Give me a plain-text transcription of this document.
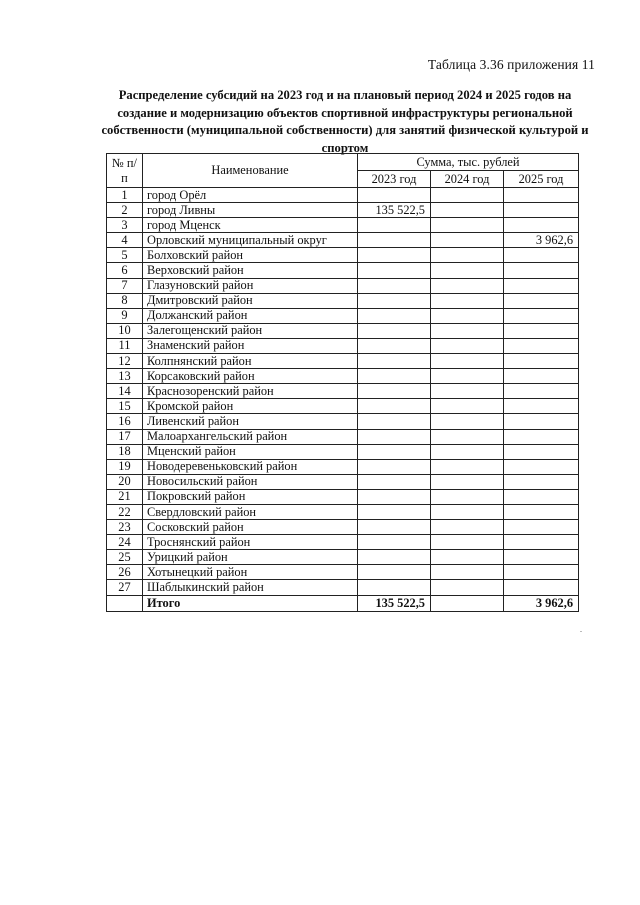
Таблица 3.36 приложения 11
Распределение субсидий на 2023 год и на плановый период 2024 и 2025 годов на
создание и модернизацию объектов спортивной инфраструктуры региональной
собственности (муниципальной собственности) для занятий физической культурой и
спортом
№ п/п	Наименование	Сумма, тыс. рублей		
		2023 год	2024 год	2025 год
1	город Орёл			
2	город Ливны	135 522,5		
3	город Мценск			
4	Орловский муниципальный округ			3 962,6
5	Болховский район			
6	Верховский район			
7	Глазуновский район			
8	Дмитровский район			
9	Должанский район			
10	Залегощенский район			
11	Знаменский район			
12	Колпнянский район			
13	Корсаковский район			
14	Краснозоренский район			
15	Кромской район			
16	Ливенский район			
17	Малоархангельский район			
18	Мценский район			
19	Новодеревеньковский район			
20	Новосильский район			
21	Покровский район			
22	Свердловский район			
23	Сосковский район			
24	Троснянский район			
25	Урицкий район			
26	Хотынецкий район			
27	Шаблыкинский район			
	Итого	135 522,5		3 962,6
